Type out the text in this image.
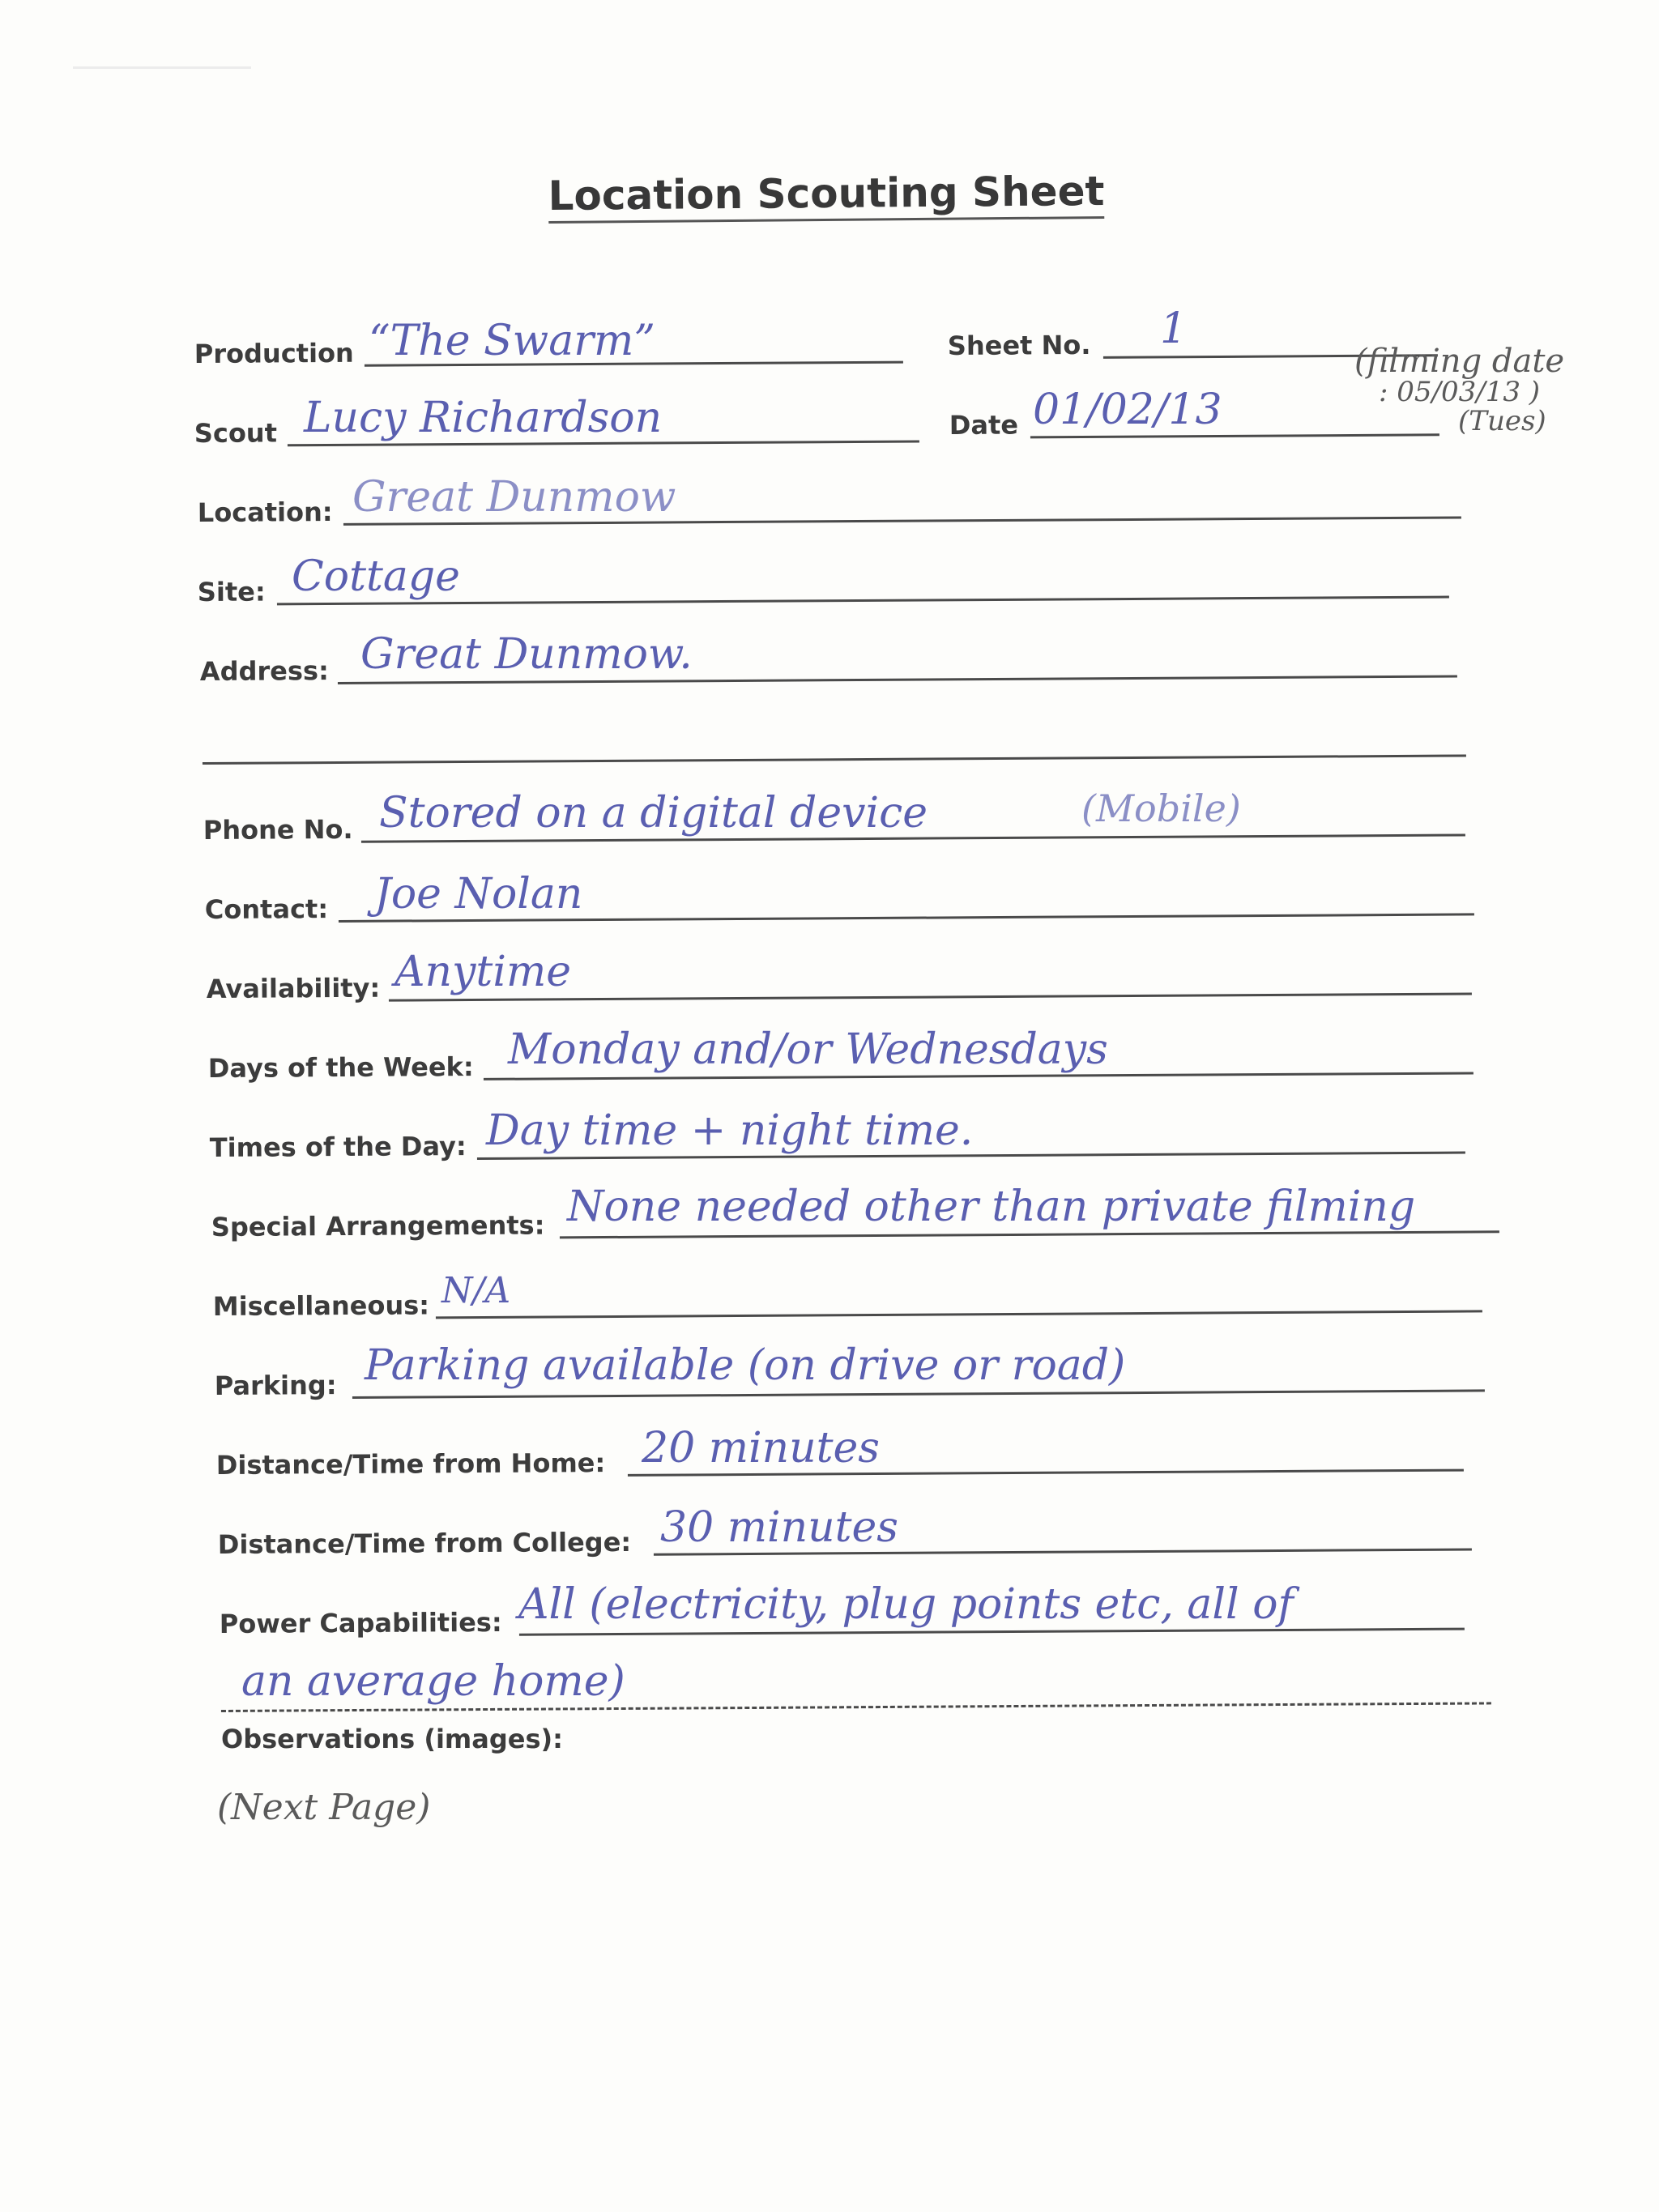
Location Scouting Sheet
Production “The Swarm”	Sheet No. 1
Scout Lucy Richardson	Date 01/02/13
(filming date
: 05/03/13 )
(Tues)
Location: Great Dunmow
Site: Cottage
Address: Great Dunmow.
Phone No. Stored on a digital device	(Mobile)
Contact: Joe Nolan
Availability: Anytime
Days of the Week: Monday and/or Wednesdays
Times of the Day: Day time + night time.
Special Arrangements: None needed other than private filming
Miscellaneous: N/A
Parking: Parking available (on drive or road)
Distance/Time from Home: 20 minutes
Distance/Time from College: 30 minutes
Power Capabilities: All (electricity, plug points etc, all of
an average home)
Observations (images):
(Next Page)
